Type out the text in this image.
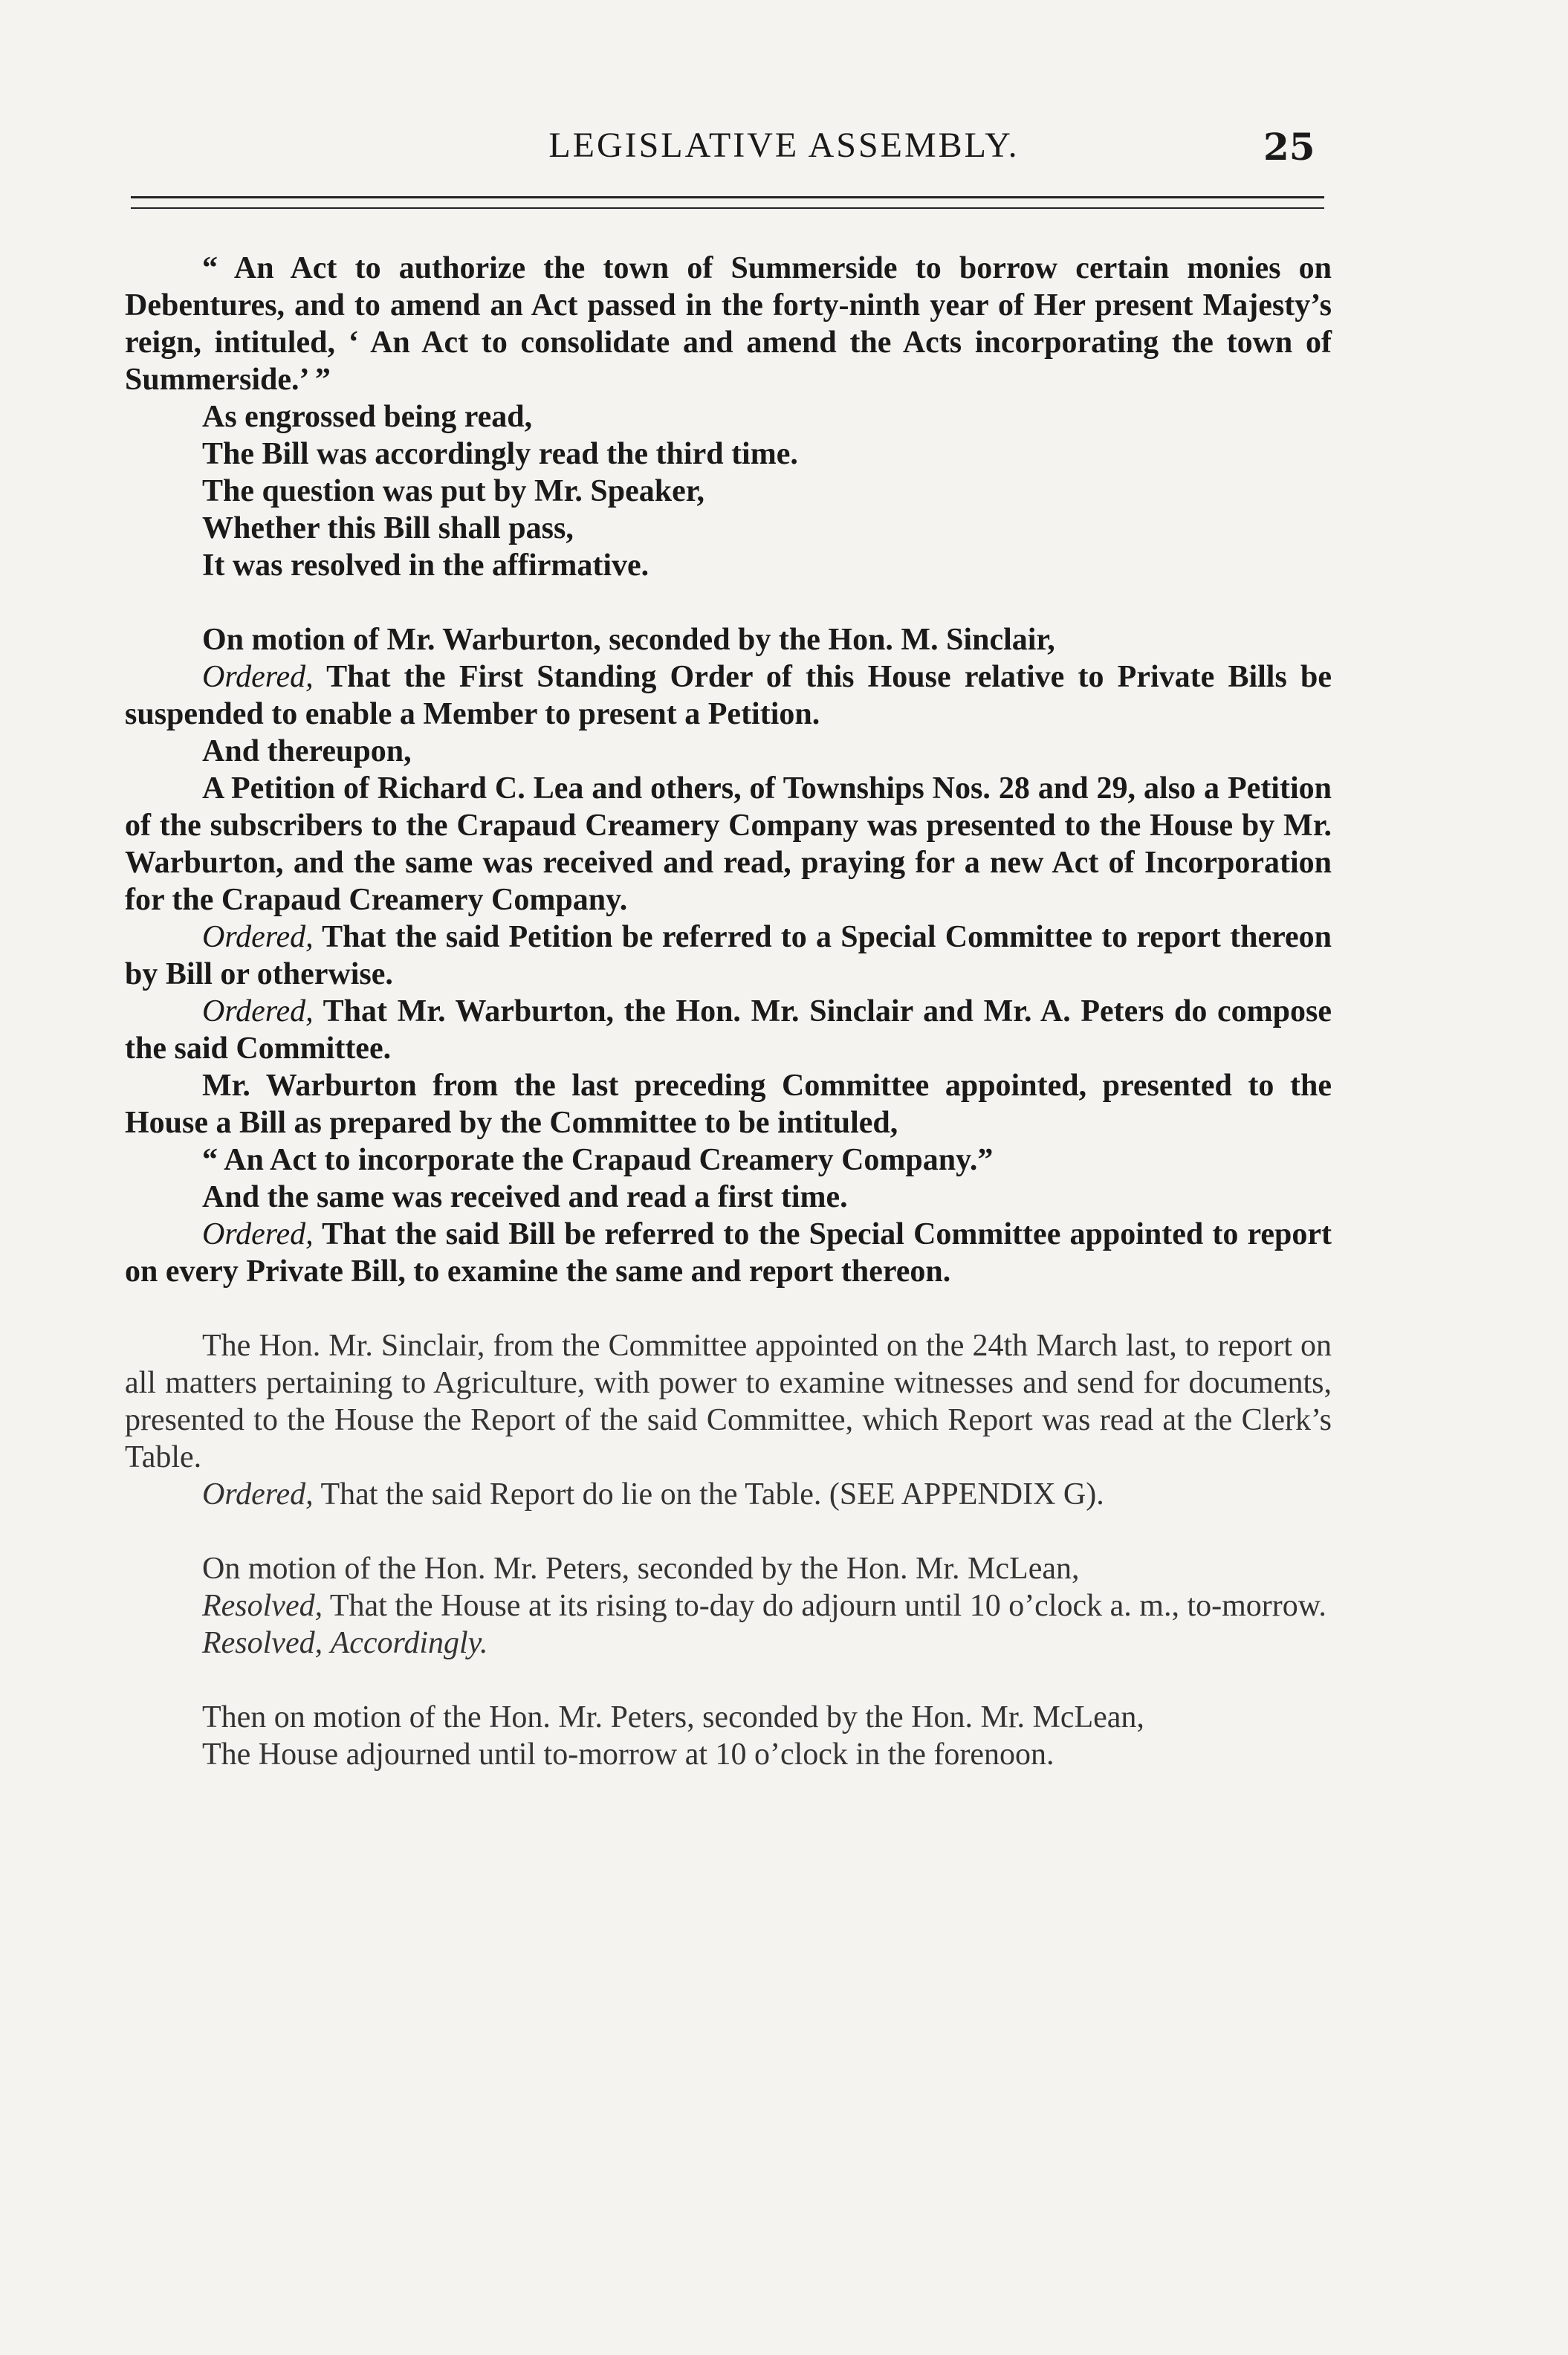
LEGISLATIVE ASSEMBLY.	25

“ An Act to authorize the town of Summerside to borrow certain monies on Debentures, and to amend an Act passed in the forty-ninth year of Her present Majesty’s reign, intituled, ‘ An Act to consolidate and amend the Acts incorporating the town of Summerside.’ ”

As engrossed being read,

The Bill was accordingly read the third time.

The question was put by Mr. Speaker,

Whether this Bill shall pass,

It was resolved in the affirmative.

On motion of Mr. Warburton, seconded by the Hon. M. Sinclair,

Ordered, That the First Standing Order of this House relative to Private Bills be suspended to enable a Member to present a Petition.

And thereupon,

A Petition of Richard C. Lea and others, of Townships Nos. 28 and 29, also a Petition of the subscribers to the Crapaud Creamery Company was presented to the House by Mr. Warburton, and the same was received and read, praying for a new Act of Incorporation for the Crapaud Creamery Company.

Ordered, That the said Petition be referred to a Special Committee to report thereon by Bill or otherwise.

Ordered, That Mr. Warburton, the Hon. Mr. Sinclair and Mr. A. Peters do compose the said Committee.

Mr. Warburton from the last preceding Committee appointed, presented to the House a Bill as prepared by the Committee to be intituled,

“ An Act to incorporate the Crapaud Creamery Company.”

And the same was received and read a first time.

Ordered, That the said Bill be referred to the Special Committee appointed to report on every Private Bill, to examine the same and report thereon.

The Hon. Mr. Sinclair, from the Committee appointed on the 24th March last, to report on all matters pertaining to Agriculture, with power to examine witnesses and send for documents, presented to the House the Report of the said Committee, which Report was read at the Clerk’s Table.

Ordered, That the said Report do lie on the Table. (SEE APPENDIX G).

On motion of the Hon. Mr. Peters, seconded by the Hon. Mr. McLean,

Resolved, That the House at its rising to-day do adjourn until 10 o’clock a. m., to-morrow.

Resolved, Accordingly.

Then on motion of the Hon. Mr. Peters, seconded by the Hon. Mr. McLean,

The House adjourned until to-morrow at 10 o’clock in the forenoon.
